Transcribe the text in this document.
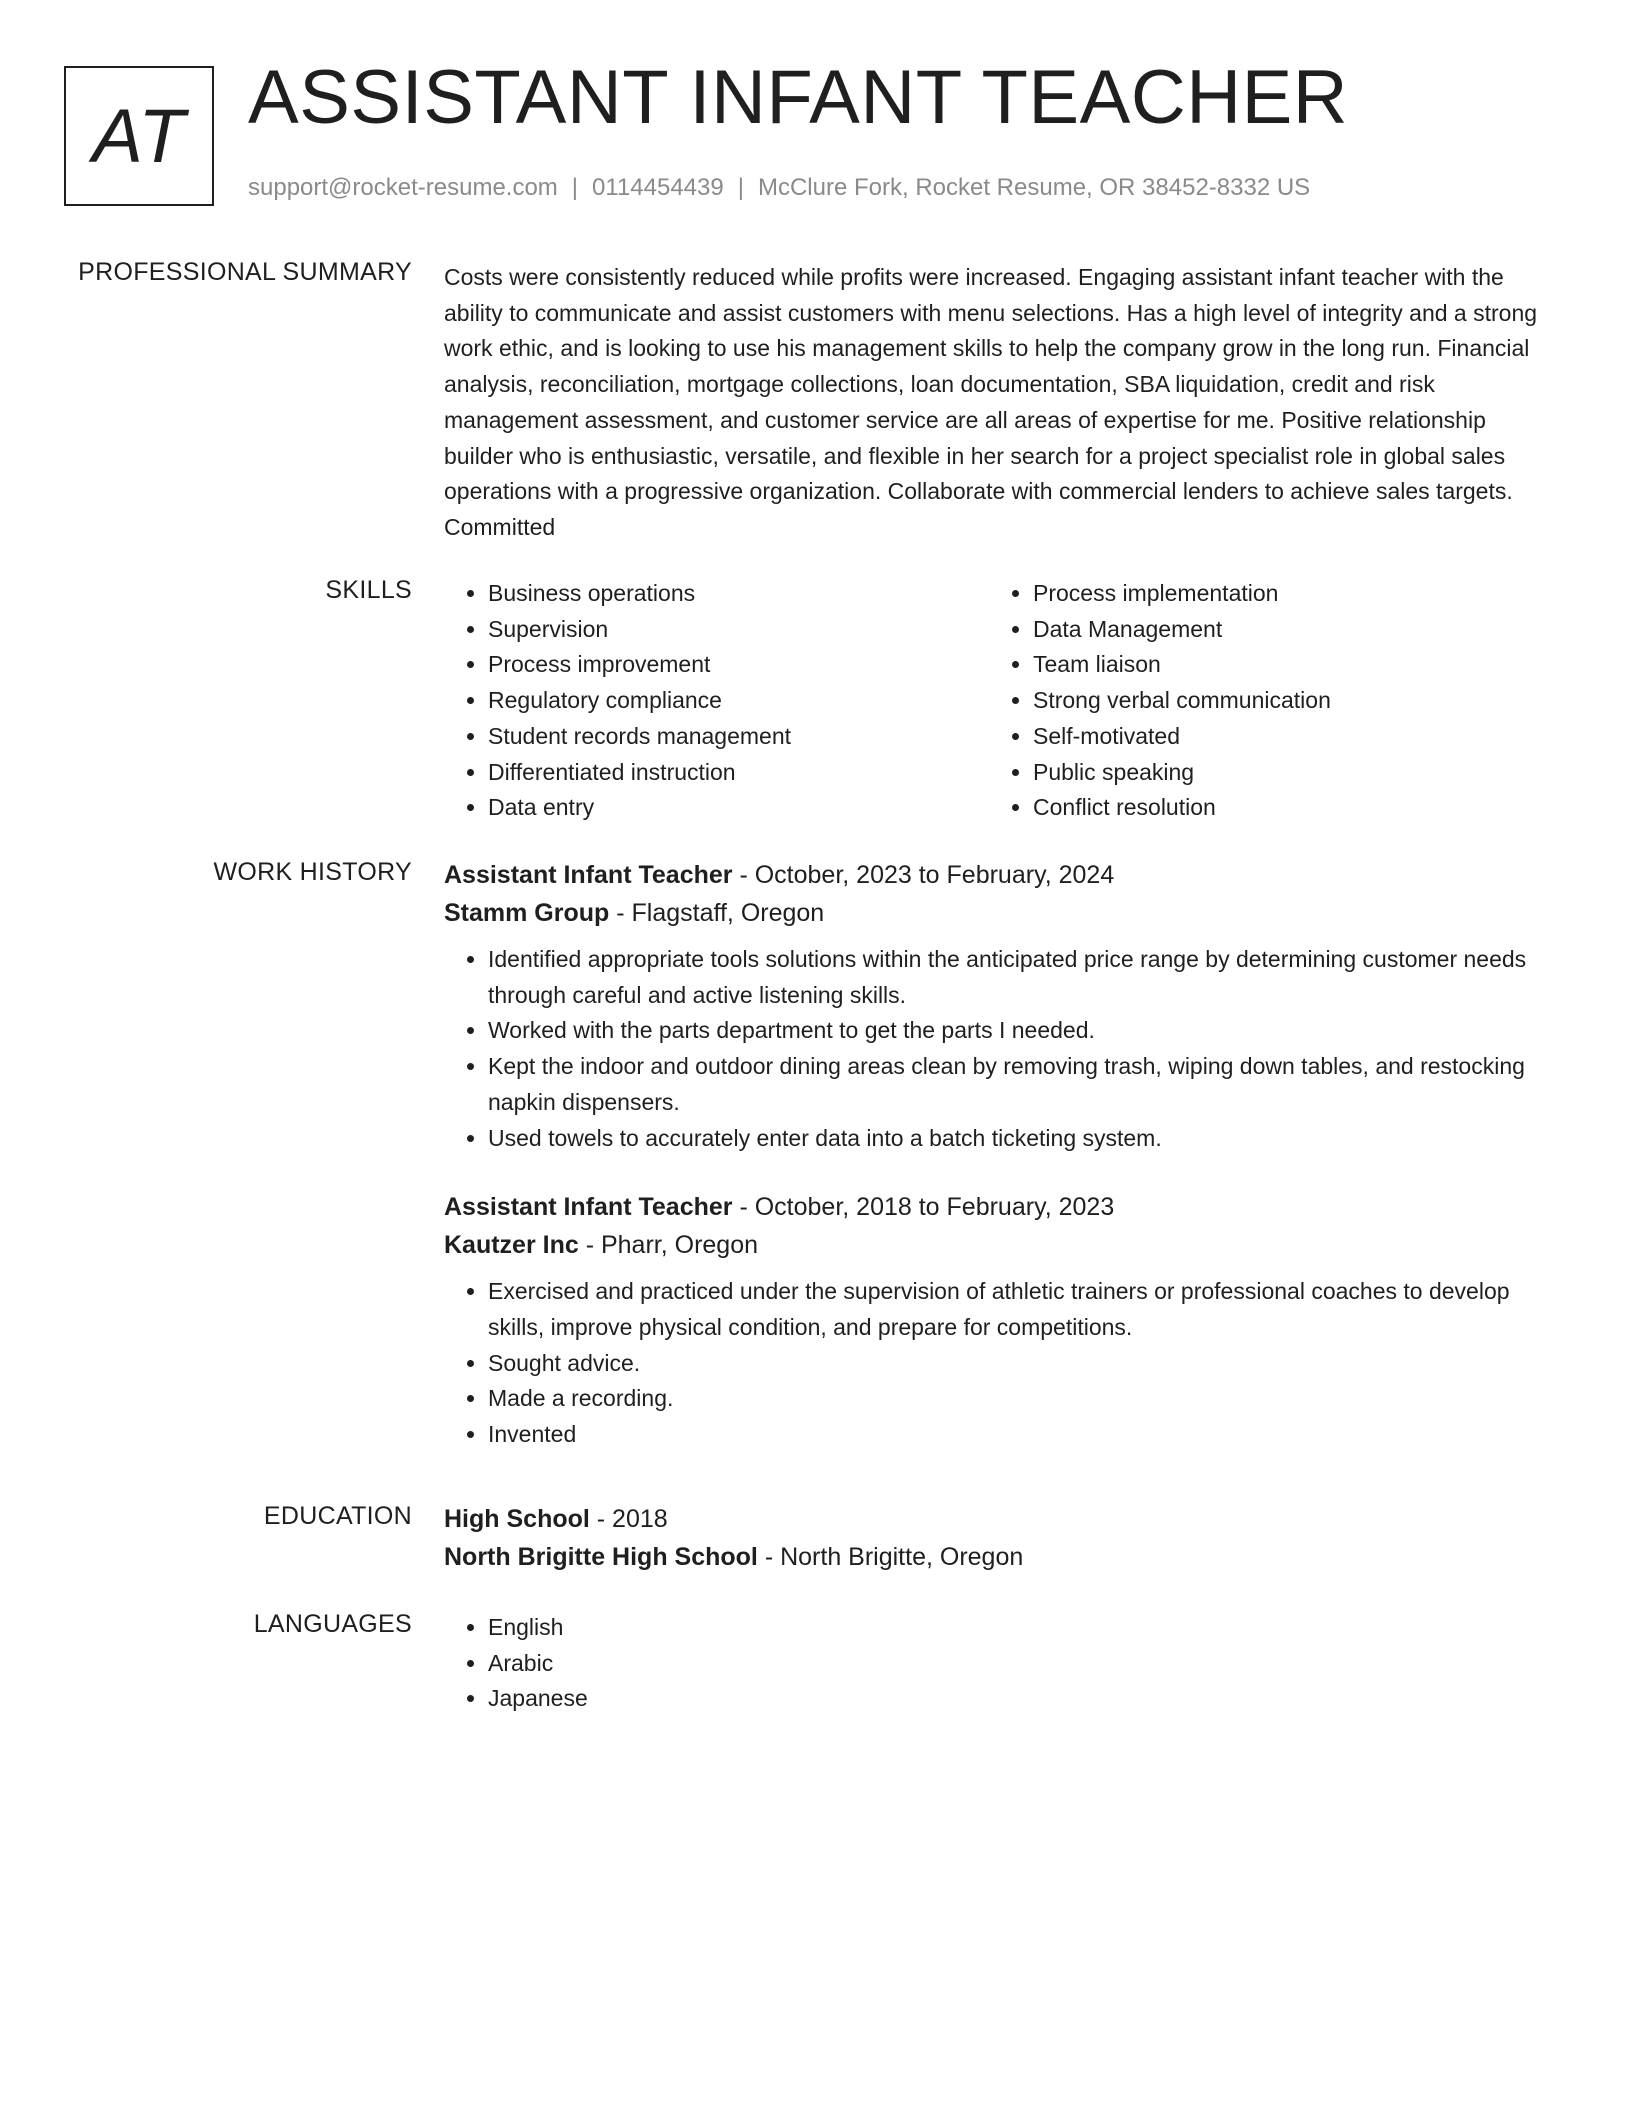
AT ASSISTANT INFANT TEACHER
support@rocket-resume.com | 0114454439 | McClure Fork, Rocket Resume, OR 38452-8332 US
PROFESSIONAL SUMMARY Costs were consistently reduced while profits were increased. Engaging assistant infant teacher with the ability to communicate and assist customers with menu selections. Has a high level of integrity and a strong work ethic, and is looking to use his management skills to help the company grow in the long run. Financial analysis, reconciliation, mortgage collections, loan documentation, SBA liquidation, credit and risk management assessment, and customer service are all areas of expertise for me. Positive relationship builder who is enthusiastic, versatile, and flexible in her search for a project specialist role in global sales operations with a progressive organization. Collaborate with commercial lenders to achieve sales targets. Committed

SKILLS	• Business operations
• Supervision
• Process improvement
• Regulatory compliance
• Student records management
• Differentiated instruction
• Data entry
• Process implementation
• Data Management
• Team liaison
• Strong verbal communication
• Self-motivated
• Public speaking
• Conflict resolution
WORK HISTORY Assistant Infant Teacher - October, 2023 to February, 2024
Stamm Group - Flagstaff, Oregon
• Identified appropriate tools solutions within the anticipated price range by determining customer needs through careful and active listening skills.
• Worked with the parts department to get the parts I needed.
• Kept the indoor and outdoor dining areas clean by removing trash, wiping down tables, and restocking napkin dispensers.
• Used towels to accurately enter data into a batch ticketing system.
Assistant Infant Teacher - October, 2018 to February, 2023
Kautzer Inc - Pharr, Oregon
• Exercised and practiced under the supervision of athletic trainers or professional coaches to develop skills, improve physical condition, and prepare for competitions.
• Sought advice.
• Made a recording.
• Invented
EDUCATION High School - 2018
North Brigitte High School - North Brigitte, Oregon
LANGUAGES	• English
• Arabic
• Japanese
